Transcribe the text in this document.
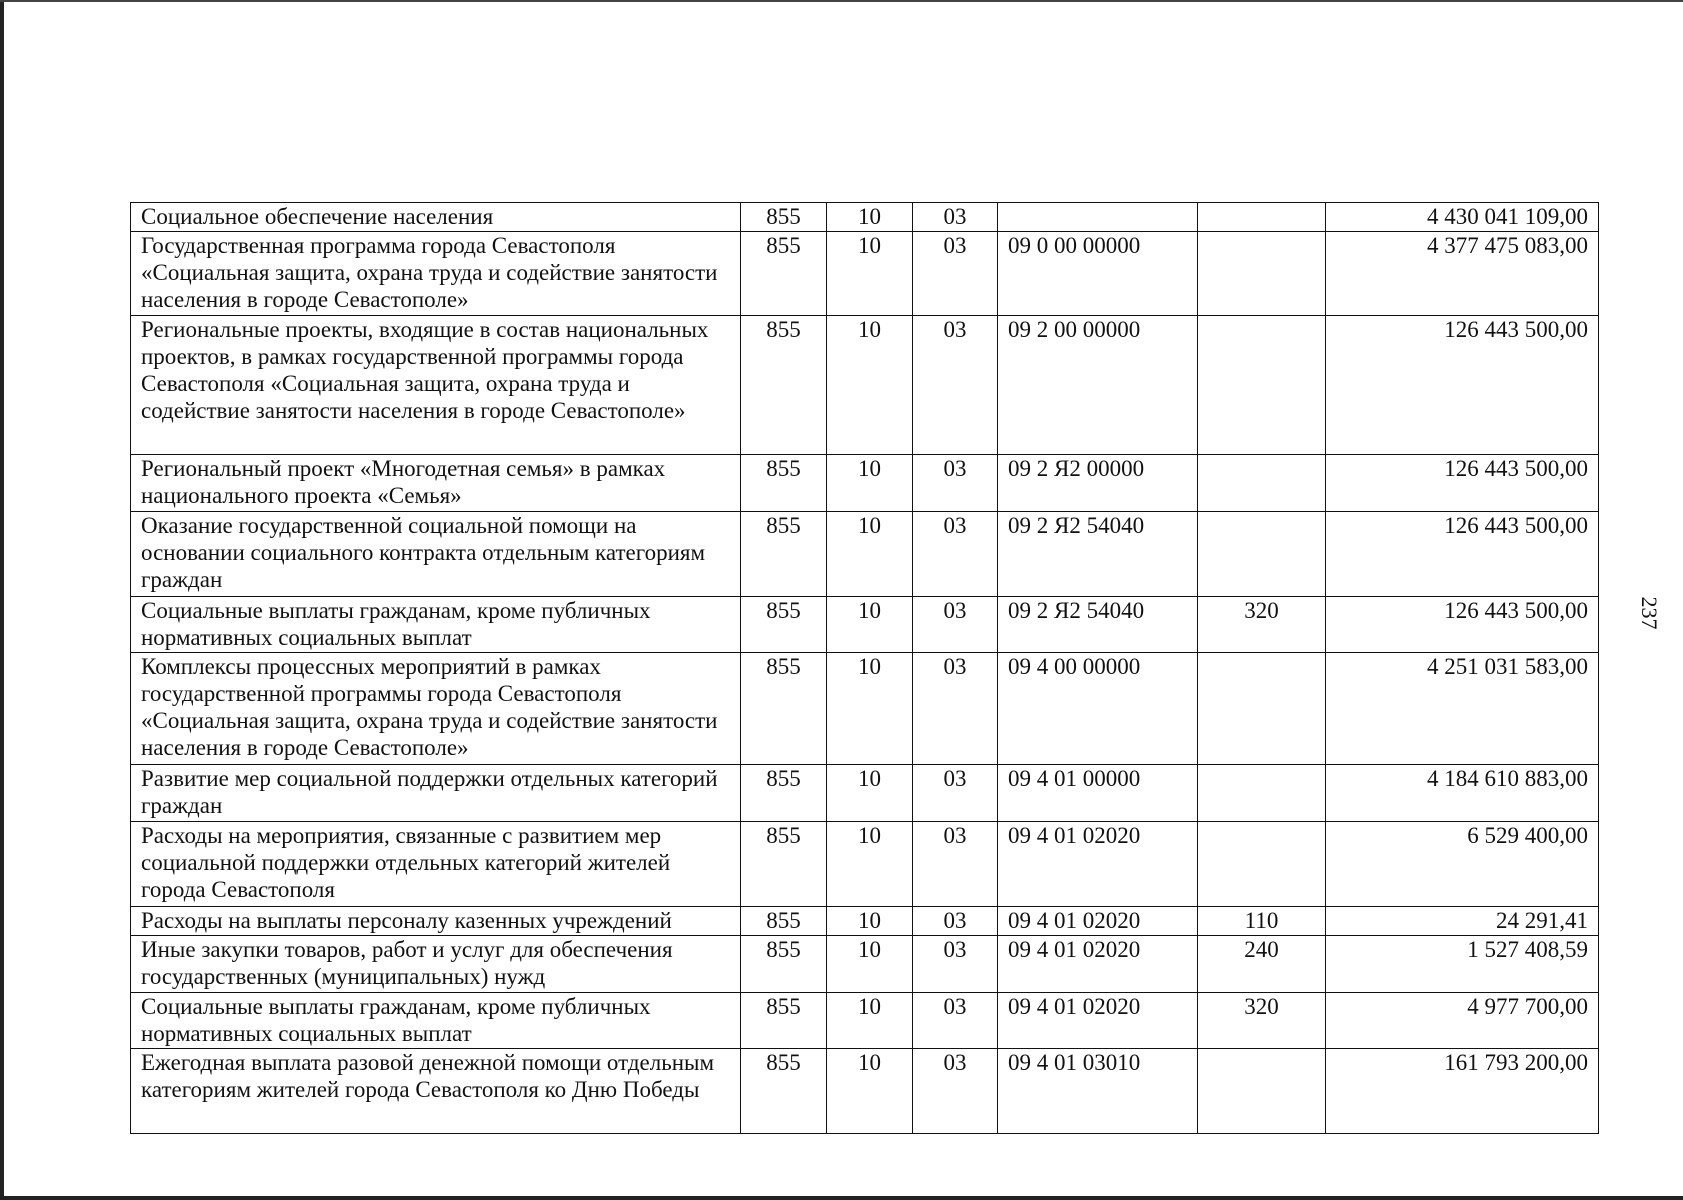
Социальное обеспечение населения	855	10	03			4 430 041 109,00
Государственная программа города Севастополя «Социальная защита, охрана труда и содействие занятости населения в городе Севастополе»	855	10	03	09 0 00 00000		4 377 475 083,00
Региональные проекты, входящие в состав национальных проектов, в рамках государственной программы города Севастополя «Социальная защита, охрана труда и содействие занятости населения в городе Севастополе»	855	10	03	09 2 00 00000		126 443 500,00
Региональный проект «Многодетная семья» в рамках национального проекта «Семья»	855	10	03	09 2 Я2 00000		126 443 500,00
Оказание государственной социальной помощи на основании социального контракта отдельным категориям граждан	855	10	03	09 2 Я2 54040		126 443 500,00
Социальные выплаты гражданам, кроме публичных нормативных социальных выплат	855	10	03	09 2 Я2 54040	320	126 443 500,00
Комплексы процессных мероприятий в рамках государственной программы города Севастополя «Социальная защита, охрана труда и содействие занятости населения в городе Севастополе»	855	10	03	09 4 00 00000		4 251 031 583,00
Развитие мер социальной поддержки отдельных категорий граждан	855	10	03	09 4 01 00000		4 184 610 883,00
Расходы на мероприятия, связанные с развитием мер социальной поддержки отдельных категорий жителей города Севастополя	855	10	03	09 4 01 02020		6 529 400,00
Расходы на выплаты персоналу казенных учреждений	855	10	03	09 4 01 02020	110	24 291,41
Иные закупки товаров, работ и услуг для обеспечения государственных (муниципальных) нужд	855	10	03	09 4 01 02020	240	1 527 408,59
Социальные выплаты гражданам, кроме публичных нормативных социальных выплат	855	10	03	09 4 01 02020	320	4 977 700,00
Ежегодная выплата разовой денежной помощи отдельным категориям жителей города Севастополя ко Дню Победы	855	10	03	09 4 01 03010		161 793 200,00
237
